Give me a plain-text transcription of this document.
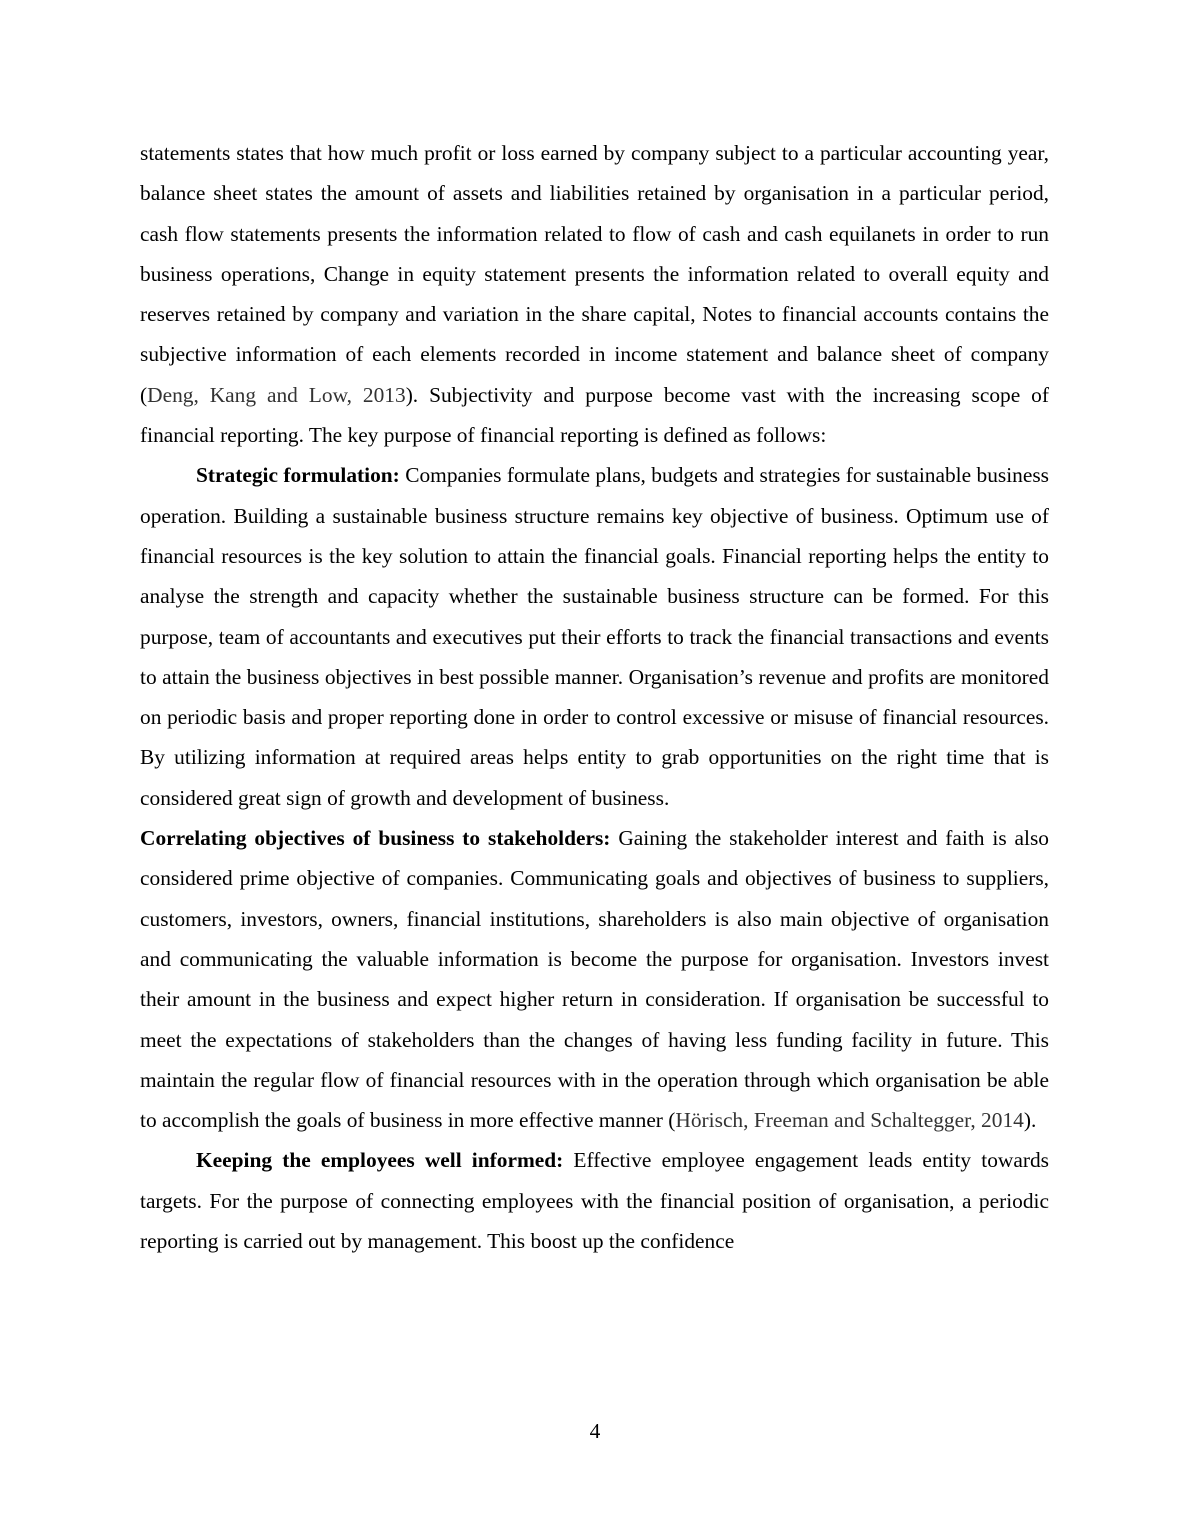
statements states that how much profit or loss earned by company subject to a particular accounting year, balance sheet states the amount of assets and liabilities retained by organisation in a particular period, cash flow statements presents the information related to flow of cash and cash equilanets in order to run business operations, Change in equity statement presents the information related to overall equity and reserves retained by company and variation in the share capital, Notes to financial accounts contains the subjective information of each elements recorded in income statement and balance sheet of company (Deng, Kang and Low, 2013). Subjectivity and purpose become vast with the increasing scope of financial reporting. The key purpose of financial reporting is defined as follows:

Strategic formulation: Companies formulate plans, budgets and strategies for sustainable business operation. Building a sustainable business structure remains key objective of business. Optimum use of financial resources is the key solution to attain the financial goals. Financial reporting helps the entity to analyse the strength and capacity whether the sustainable business structure can be formed. For this purpose, team of accountants and executives put their efforts to track the financial transactions and events to attain the business objectives in best possible manner. Organisation’s revenue and profits are monitored on periodic basis and proper reporting done in order to control excessive or misuse of financial resources. By utilizing information at required areas helps entity to grab opportunities on the right time that is considered great sign of growth and development of business.

Correlating objectives of business to stakeholders: Gaining the stakeholder interest and faith is also considered prime objective of companies. Communicating goals and objectives of business to suppliers, customers, investors, owners, financial institutions, shareholders is also main objective of organisation and communicating the valuable information is become the purpose for organisation. Investors invest their amount in the business and expect higher return in consideration. If organisation be successful to meet the expectations of stakeholders than the changes of having less funding facility in future. This maintain the regular flow of financial resources with in the operation through which organisation be able to accomplish the goals of business in more effective manner (Hörisch, Freeman and Schaltegger, 2014).

Keeping the employees well informed: Effective employee engagement leads entity towards targets. For the purpose of connecting employees with the financial position of organisation, a periodic reporting is carried out by management. This boost up the confidence

4
